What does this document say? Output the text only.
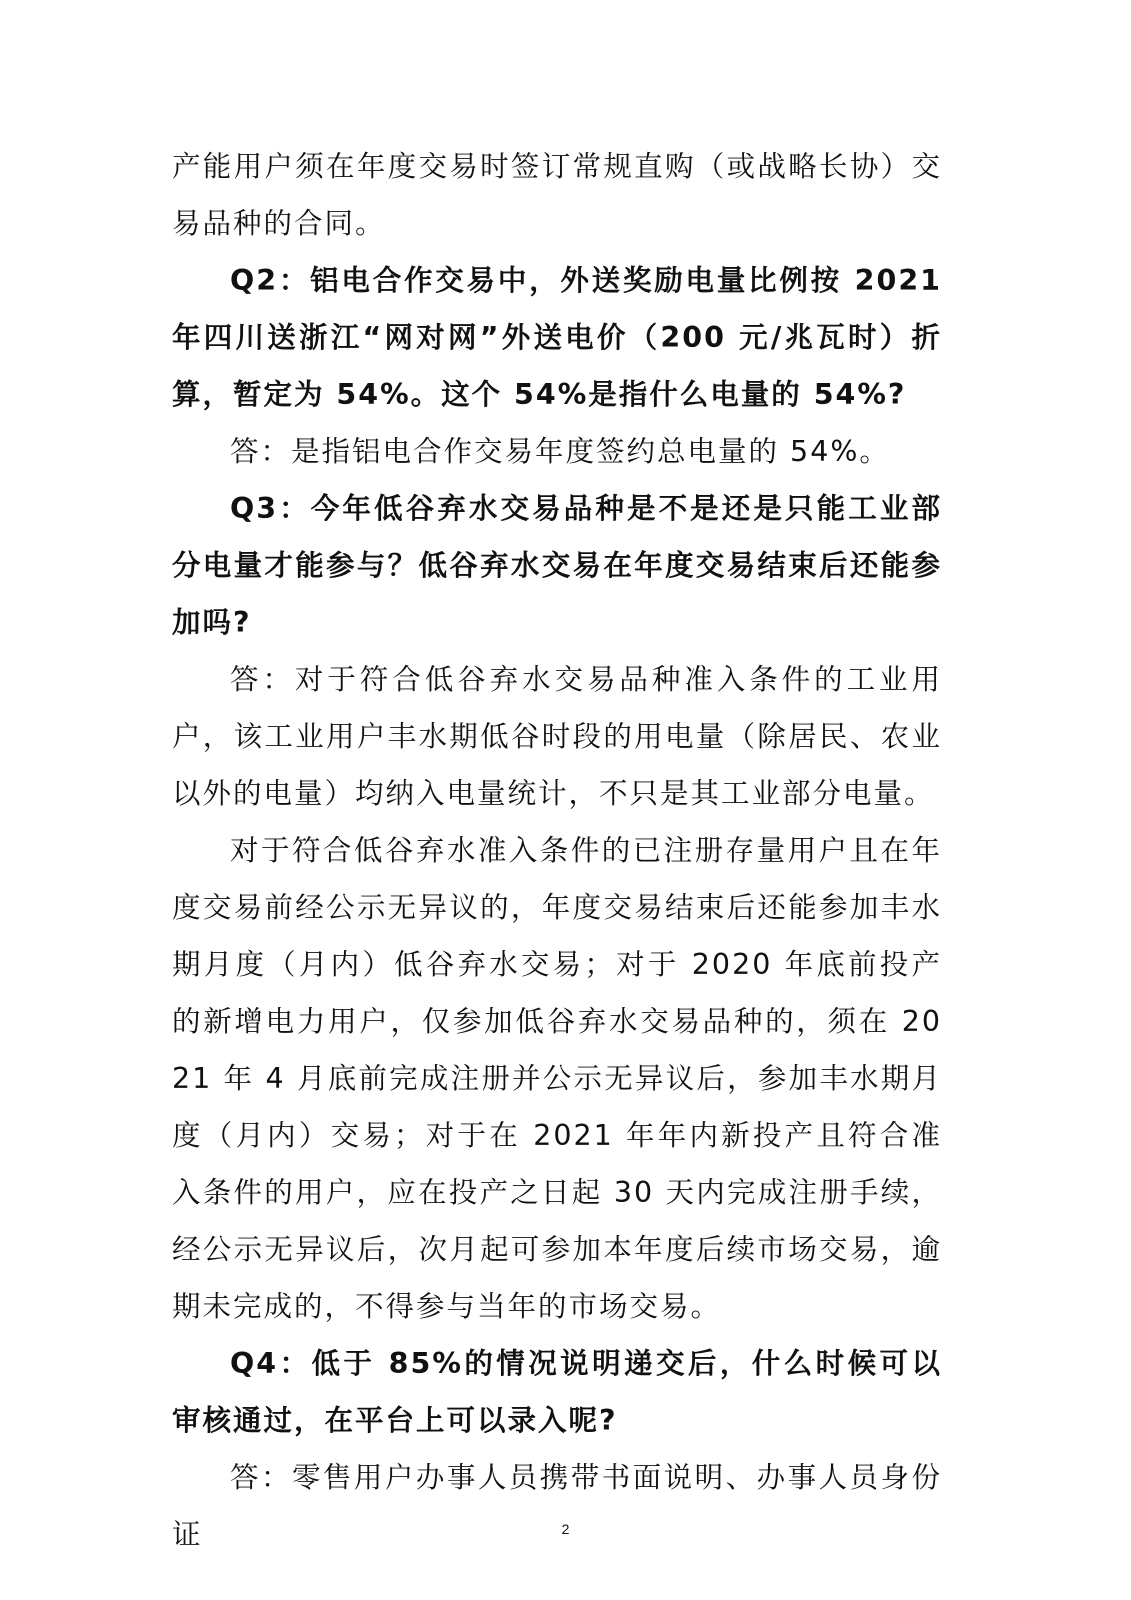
产能用户须在年度交易时签订常规直购（或战略长协）交易品种的合同。

Q2：铝电合作交易中，外送奖励电量比例按 2021 年四川送浙江“网对网”外送电价（200 元/兆瓦时）折算，暂定为 54%。这个 54%是指什么电量的 54%?

答：是指铝电合作交易年度签约总电量的 54%。

Q3：今年低谷弃水交易品种是不是还是只能工业部分电量才能参与？低谷弃水交易在年度交易结束后还能参加吗?

答：对于符合低谷弃水交易品种准入条件的工业用户，该工业用户丰水期低谷时段的用电量（除居民、农业以外的电量）均纳入电量统计，不只是其工业部分电量。

对于符合低谷弃水准入条件的已注册存量用户且在年度交易前经公示无异议的，年度交易结束后还能参加丰水期月度（月内）低谷弃水交易；对于 2020 年底前投产的新增电力用户，仅参加低谷弃水交易品种的，须在 2021 年 4 月底前完成注册并公示无异议后，参加丰水期月度（月内）交易；对于在 2021 年年内新投产且符合准入条件的用户，应在投产之日起 30 天内完成注册手续，经公示无异议后，次月起可参加本年度后续市场交易，逾期未完成的，不得参与当年的市场交易。

Q4：低于 85%的情况说明递交后，什么时候可以审核通过，在平台上可以录入呢?

答：零售用户办事人员携带书面说明、办事人员身份证	2
